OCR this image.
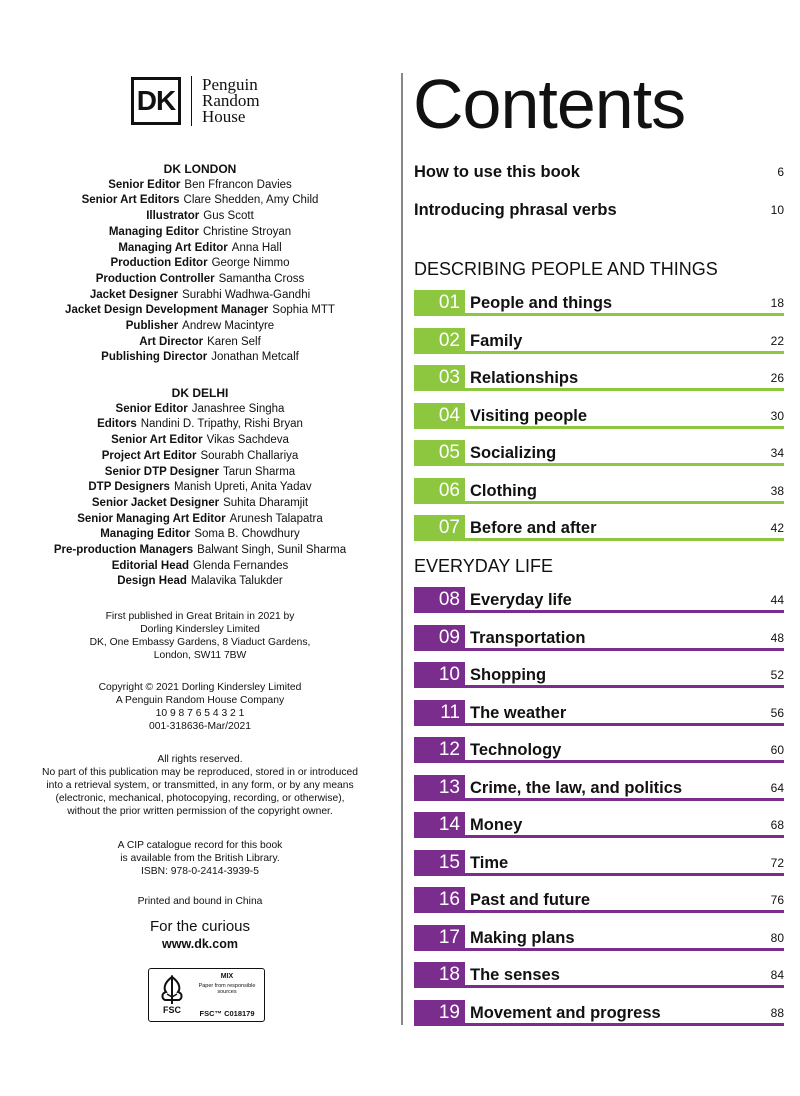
DK
Penguin
Random
House
DK LONDON
Senior Editor Ben Ffrancon Davies
Senior Art Editors Clare Shedden, Amy Child
Illustrator Gus Scott
Managing Editor Christine Stroyan
Managing Art Editor Anna Hall
Production Editor George Nimmo
Production Controller Samantha Cross
Jacket Designer Surabhi Wadhwa-Gandhi
Jacket Design Development Manager Sophia MTT
Publisher Andrew Macintyre
Art Director Karen Self
Publishing Director Jonathan Metcalf
DK DELHI
Senior Editor Janashree Singha
Editors Nandini D. Tripathy, Rishi Bryan
Senior Art Editor Vikas Sachdeva
Project Art Editor Sourabh Challariya
Senior DTP Designer Tarun Sharma
DTP Designers Manish Upreti, Anita Yadav
Senior Jacket Designer Suhita Dharamjit
Senior Managing Art Editor Arunesh Talapatra
Managing Editor Soma B. Chowdhury
Pre-production Managers Balwant Singh, Sunil Sharma
Editorial Head Glenda Fernandes
Design Head Malavika Talukder
First published in Great Britain in 2021 by
Dorling Kindersley Limited
DK, One Embassy Gardens, 8 Viaduct Gardens,
London, SW11 7BW
Copyright © 2021 Dorling Kindersley Limited
A Penguin Random House Company
10 9 8 7 6 5 4 3 2 1
001-318636-Mar/2021
All rights reserved.
No part of this publication may be reproduced, stored in or introduced
into a retrieval system, or transmitted, in any form, or by any means
(electronic, mechanical, photocopying, recording, or otherwise),
without the prior written permission of the copyright owner.
A CIP catalogue record for this book
is available from the British Library.
ISBN: 978-0-2414-3939-5
Printed and bound in China
For the curious
www.dk.com
FSC
MIX
Paper from responsible sources
FSC™ C018179
Contents
How to use this book	6
Introducing phrasal verbs	10
DESCRIBING PEOPLE AND THINGS
01 People and things	18
02 Family	22
03 Relationships	26
04 Visiting people	30
05 Socializing	34
06 Clothing	38
07 Before and after	42
EVERYDAY LIFE
08 Everyday life	44
09 Transportation	48
10 Shopping	52
11 The weather	56
12 Technology	60
13 Crime, the law, and politics	64
14 Money	68
15 Time	72
16 Past and future	76
17 Making plans	80
18 The senses	84
19 Movement and progress	88
